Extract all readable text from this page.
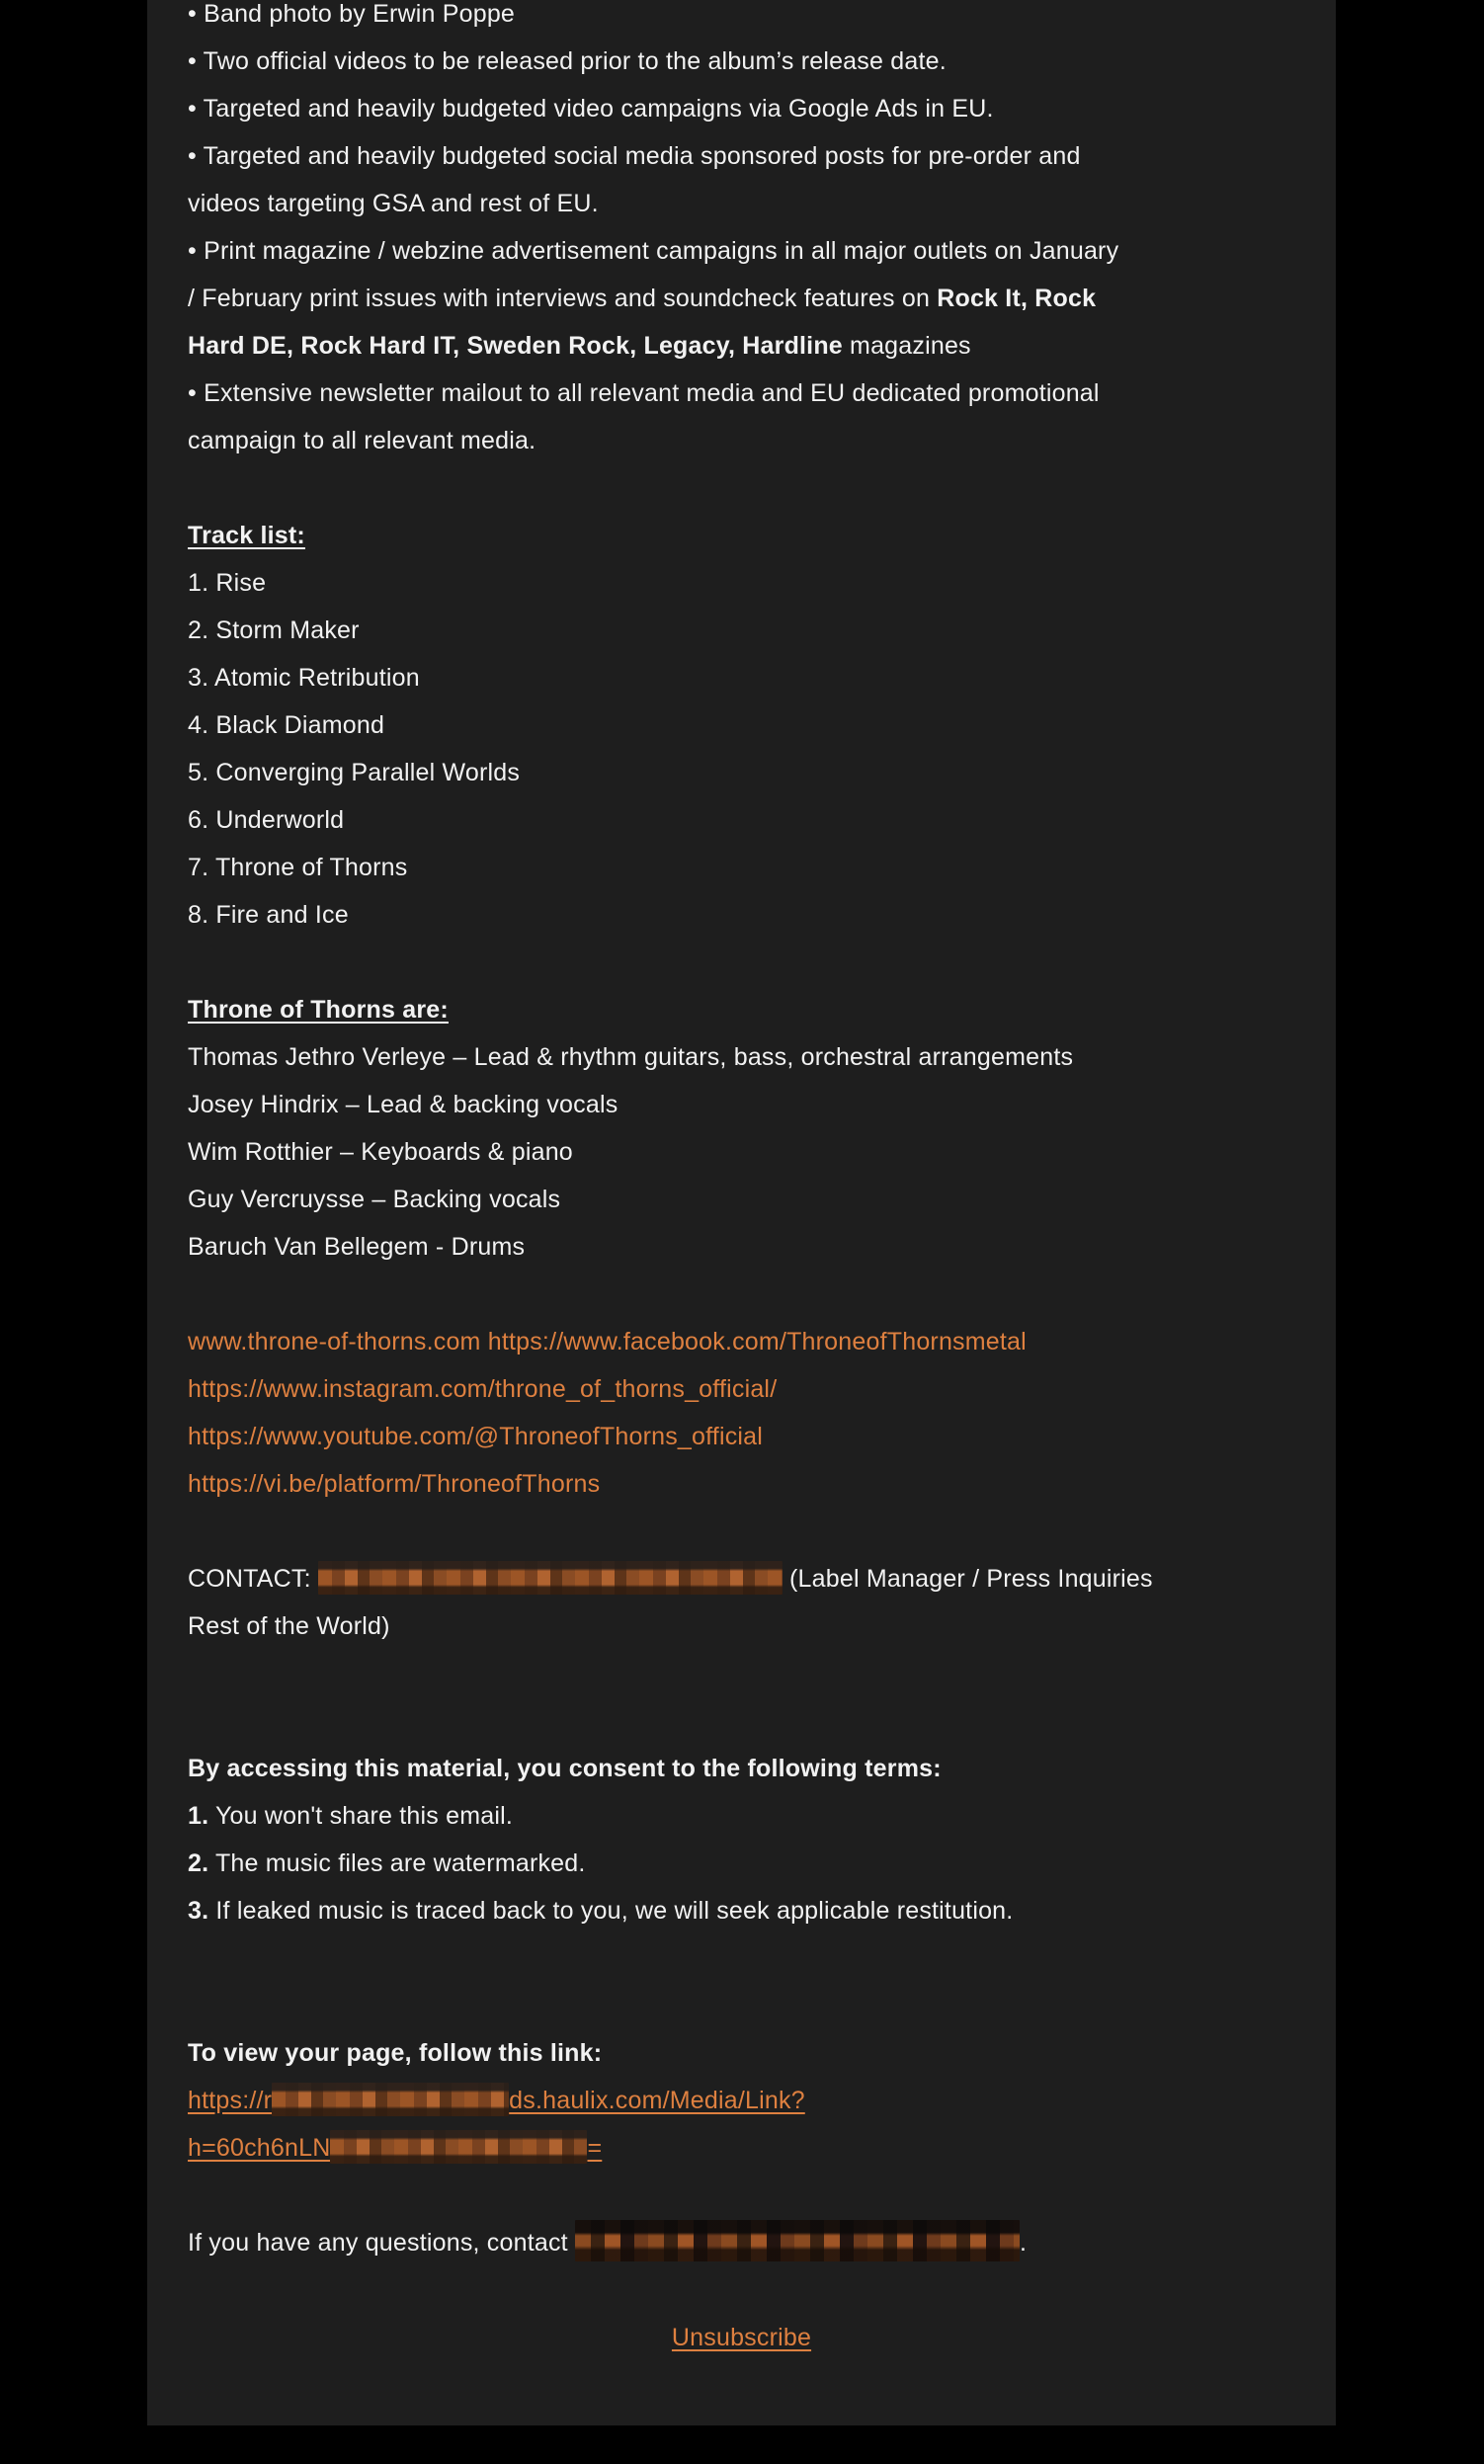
• Band photo by Erwin Poppe
• Two official videos to be released prior to the album’s release date.
• Targeted and heavily budgeted video campaigns via Google Ads in EU.
• Targeted and heavily budgeted social media sponsored posts for pre-order and
videos targeting GSA and rest of EU.
• Print magazine / webzine advertisement campaigns in all major outlets on January
/ February print issues with interviews and soundcheck features on Rock It, Rock
Hard DE, Rock Hard IT, Sweden Rock, Legacy, Hardline magazines
• Extensive newsletter mailout to all relevant media and EU dedicated promotional
campaign to all relevant media.
Track list:
1. Rise
2. Storm Maker
3. Atomic Retribution
4. Black Diamond
5. Converging Parallel Worlds
6. Underworld
7. Throne of Thorns
8. Fire and Ice
Throne of Thorns are:
Thomas Jethro Verleye – Lead & rhythm guitars, bass, orchestral arrangements
Josey Hindrix – Lead & backing vocals
Wim Rotthier – Keyboards & piano
Guy Vercruysse – Backing vocals
Baruch Van Bellegem - Drums
www.throne-of-thorns.com https://www.facebook.com/ThroneofThornsmetal
https://www.instagram.com/throne_of_thorns_official/
https://www.youtube.com/@ThroneofThorns_official
https://vi.be/platform/ThroneofThorns
CONTACT:	(Label Manager / Press Inquiries
Rest of the World)
By accessing this material, you consent to the following terms:
1. You won't share this email.
2. The music files are watermarked.
3. If leaked music is traced back to you, we will seek applicable restitution.
To view your page, follow this link:
https://r	ds.haulix.com/Media/Link?
h=60ch6nLN	=
If you have any questions, contact	.
Unsubscribe
